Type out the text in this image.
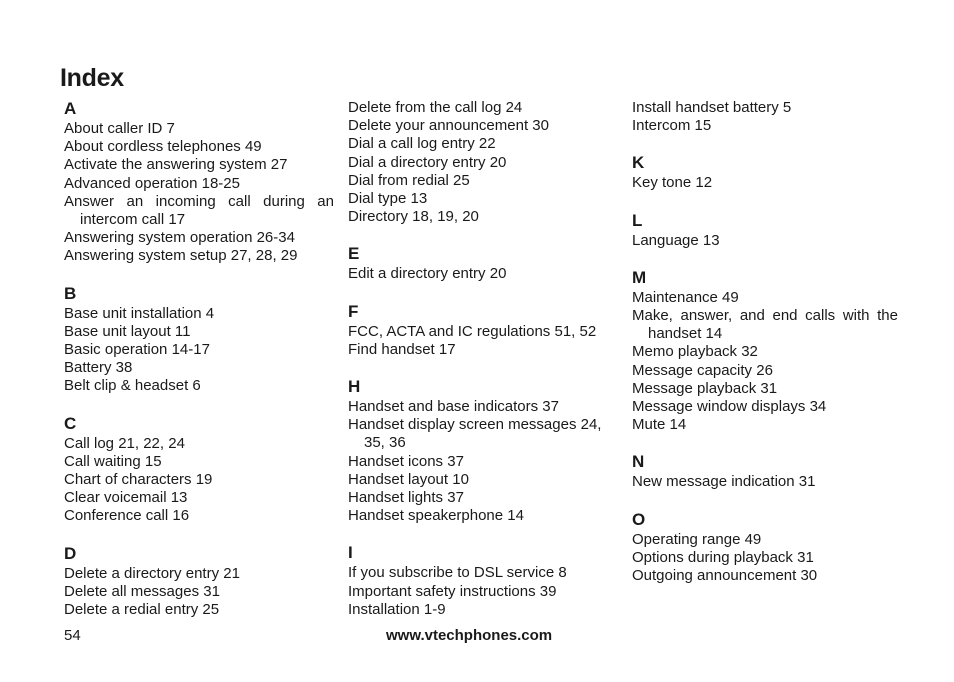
Index
A
About caller ID 7
About cordless telephones 49
Activate the answering system 27
Advanced operation 18-25
Answer an incoming call during an intercom call 17
Answering system operation 26-34
Answering system setup 27, 28, 29
B
Base unit installation 4
Base unit layout 11
Basic operation 14-17
Battery 38
Belt clip & headset 6
C
Call log 21, 22, 24
Call waiting 15
Chart of characters 19
Clear voicemail 13
Conference call 16
D
Delete a directory entry 21
Delete all messages 31
Delete a redial entry 25
Delete from the call log 24
Delete your announcement 30
Dial a call log entry 22
Dial a directory entry 20
Dial from redial 25
Dial type 13
Directory 18, 19, 20
E
Edit a directory entry 20
F
FCC, ACTA and IC regulations 51, 52
Find handset 17
H
Handset and base indicators 37
Handset display screen messages 24, 35, 36
Handset icons 37
Handset layout 10
Handset lights 37
Handset speakerphone 14
I
If you subscribe to DSL service 8
Important safety instructions 39
Installation 1-9
Install handset battery 5
Intercom 15
K
Key tone 12
L
Language 13
M
Maintenance 49
Make, answer, and end calls with the handset 14
Memo playback 32
Message capacity 26
Message playback 31
Message window displays 34
Mute 14
N
New message indication 31
O
Operating range 49
Options during playback 31
Outgoing announcement 30

54	www.vtechphones.com
